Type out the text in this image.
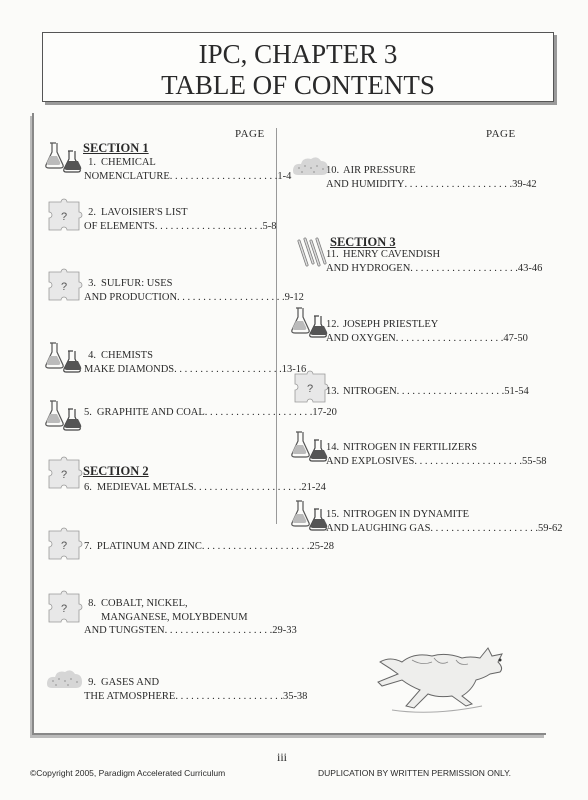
IPC, CHAPTER 3
TABLE OF CONTENTS
PAGE	PAGE
SECTION 1
SECTION 2
SECTION 3
1. CHEMICAL
NOMENCLATURE . . . . . . . . . . . . . . . . . . . . . 1-4
2. LAVOISIER'S LIST
OF ELEMENTS . . . . . . . . . . . . . . . . . . . . . 5-8
3. SULFUR: USES
AND PRODUCTION . . . . . . . . . . . . . . . . . . . . . 9-12
4. CHEMISTS
MAKE DIAMONDS . . . . . . . . . . . . . . . . . . . . . 13-16
5. GRAPHITE AND COAL . . . . . . . . . . . . . . . . . . . . . 17-20
6. MEDIEVAL METALS . . . . . . . . . . . . . . . . . . . . . 21-24
7. PLATINUM AND ZINC . . . . . . . . . . . . . . . . . . . . . 25-28
8. COBALT, NICKEL,
MANGANESE, MOLYBDENUM
AND TUNGSTEN . . . . . . . . . . . . . . . . . . . . . 29-33
9. GASES AND
THE ATMOSPHERE . . . . . . . . . . . . . . . . . . . . . 35-38
10. AIR PRESSURE
AND HUMIDITY . . . . . . . . . . . . . . . . . . . . . 39-42
11. HENRY CAVENDISH
AND HYDROGEN . . . . . . . . . . . . . . . . . . . . . 43-46
12. JOSEPH PRIESTLEY
AND OXYGEN . . . . . . . . . . . . . . . . . . . . . 47-50
13. NITROGEN . . . . . . . . . . . . . . . . . . . . . 51-54
14. NITROGEN IN FERTILIZERS
AND EXPLOSIVES . . . . . . . . . . . . . . . . . . . . . 55-58
15. NITROGEN IN DYNAMITE
AND LAUGHING GAS . . . . . . . . . . . . . . . . . . . . . 59-62
iii
©Copyright 2005, Paradigm Accelerated Curriculum	DUPLICATION BY WRITTEN PERMISSION ONLY.
